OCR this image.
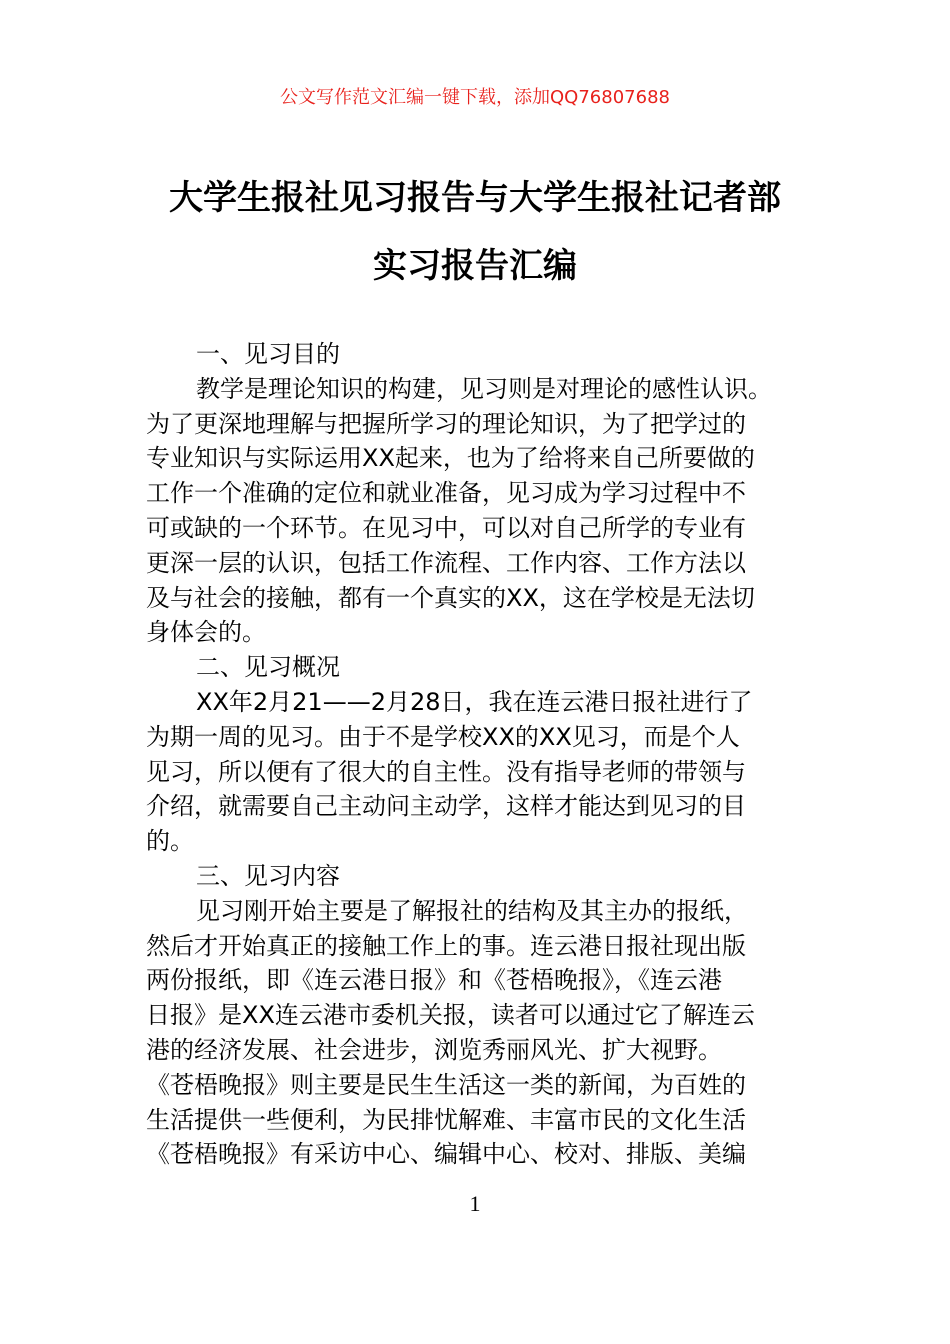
公文写作范文汇编一键下载，添加QQ76807688
大学生报社见习报告与大学生报社记者部
实习报告汇编
一、见习目的
教学是理论知识的构建，见习则是对理论的感性认识。
为了更深地理解与把握所学习的理论知识，为了把学过的
专业知识与实际运用XX起来，也为了给将来自己所要做的
工作一个准确的定位和就业准备，见习成为学习过程中不
可或缺的一个环节。在见习中，可以对自己所学的专业有
更深一层的认识，包括工作流程、工作内容、工作方法以
及与社会的接触，都有一个真实的XX，这在学校是无法切
身体会的。
二、见习概况
XX年2月21——2月28日，我在连云港日报社进行了
为期一周的见习。由于不是学校XX的XX见习，而是个人
见习，所以便有了很大的自主性。没有指导老师的带领与
介绍，就需要自己主动问主动学，这样才能达到见习的目
的。
三、见习内容
见习刚开始主要是了解报社的结构及其主办的报纸，
然后才开始真正的接触工作上的事。连云港日报社现出版
两份报纸，即《连云港日报》和《苍梧晚报》，《连云港
日报》是XX连云港市委机关报，读者可以通过它了解连云
港的经济发展、社会进步，浏览秀丽风光、扩大视野。
《苍梧晚报》则主要是民生生活这一类的新闻，为百姓的
生活提供一些便利，为民排忧解难、丰富市民的文化生活
《苍梧晚报》有采访中心、编辑中心、校对、排版、美编
1
